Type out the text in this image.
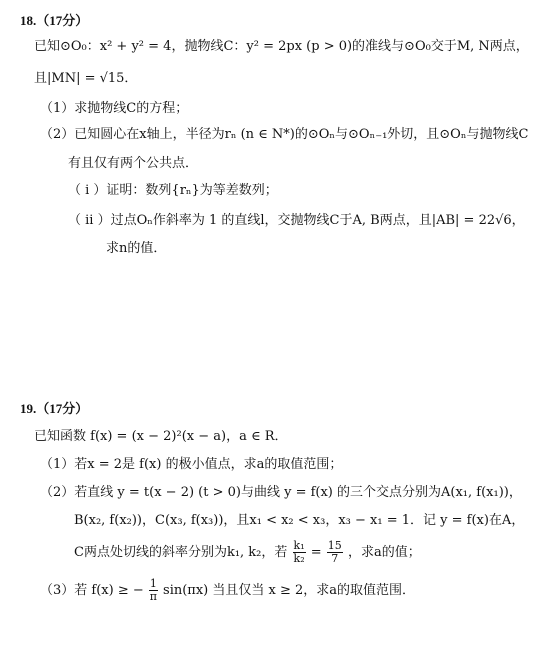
18.（17分）
已知⊙O₀：x² + y² = 4，抛物线C：y² = 2px (p > 0)的准线与⊙O₀交于M, N两点，
且|MN| = √15．
（1）求抛物线C的方程；
（2）已知圆心在x轴上，半径为rₙ (n ∈ N*)的⊙Oₙ与⊙Oₙ₋₁外切，且⊙Oₙ与抛物线C
有且仅有两个公共点．
（ i ）证明：数列{rₙ}为等差数列；
（ ii ）过点Oₙ作斜率为 1 的直线l，交抛物线C于A, B两点，且|AB| = 22√6，
求n的值．
19.（17分）
已知函数 f(x) = (x − 2)²(x − a)，a ∈ R．
（1）若x = 2是 f(x) 的极小值点，求a的取值范围；
（2）若直线 y = t(x − 2) (t > 0)与曲线 y = f(x) 的三个交点分别为A(x₁, f(x₁))，
B(x₂, f(x₂))，C(x₃, f(x₃))，且x₁ < x₂ < x₃，x₃ − x₁ = 1．记 y = f(x)在A，
C两点处切线的斜率分别为k₁, k₂，若 $\frac{\text{k₁}}{\text{k₂}} = \frac{15}{7}$ ，求a的值；
（3）若 f(x) ≥ − $\frac{1}{\pi} \sin(\pi x)$ 当且仅当 x ≥ 2，求a的取值范围．
